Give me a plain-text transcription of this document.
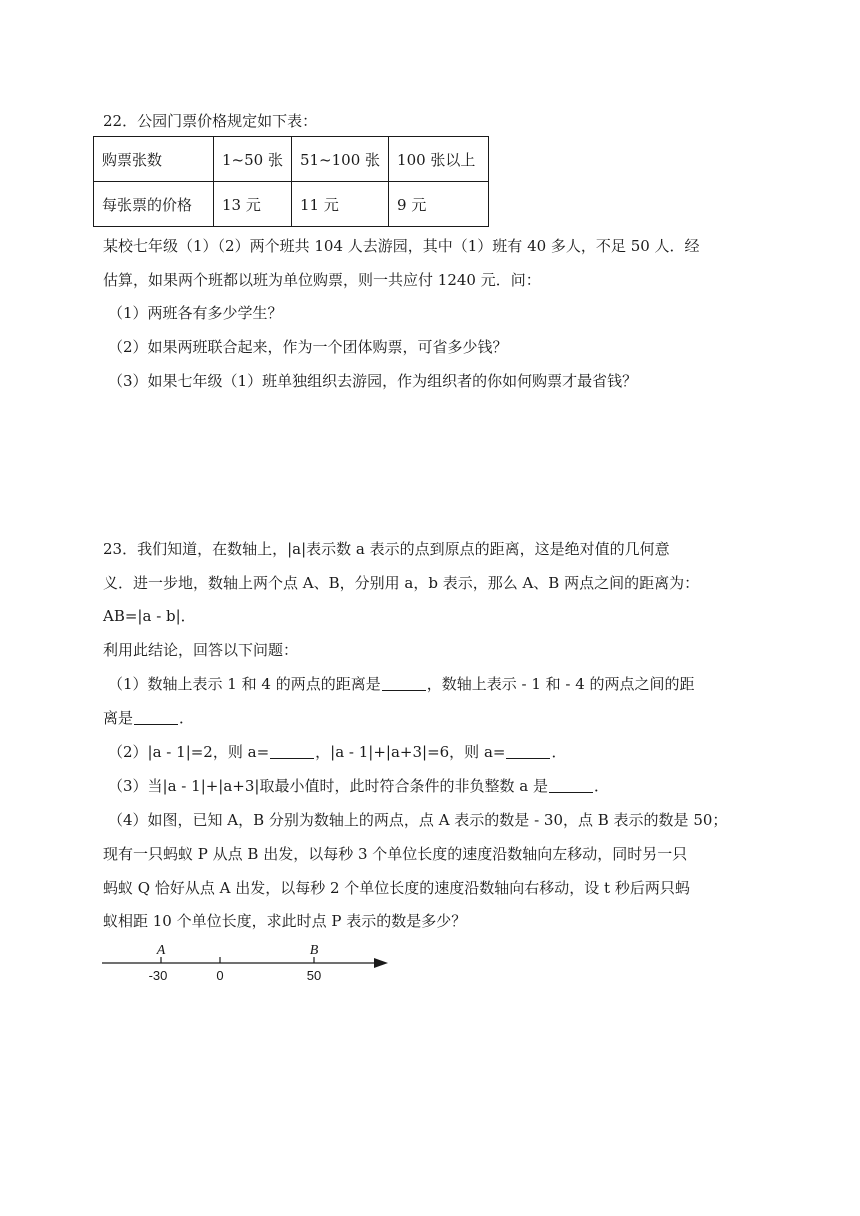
22．公园门票价格规定如下表：
购票张数	1~50 张	51~100 张	100 张以上
每张票的价格	13 元	11 元	9 元
某校七年级（1）（2）两个班共 104 人去游园，其中（1）班有 40 多人，不足 50 人．经
估算，如果两个班都以班为单位购票，则一共应付 1240 元．问：
（1）两班各有多少学生？
（2）如果两班联合起来，作为一个团体购票，可省多少钱？
（3）如果七年级（1）班单独组织去游园，作为组织者的你如何购票才最省钱？
23．我们知道，在数轴上，|a|表示数 a 表示的点到原点的距离，这是绝对值的几何意
义．进一步地，数轴上两个点 A、B，分别用 a，b 表示，那么 A、B 两点之间的距离为：
AB=|a - b|．
利用此结论，回答以下问题：
（1）数轴上表示 1 和 4 的两点的距离是	，数轴上表示 - 1 和 - 4 的两点之间的距
离是	．
（2）|a - 1|=2，则 a=	，|a - 1|+|a+3|=6，则 a=	．
（3）当|a - 1|+|a+3|取最小值时，此时符合条件的非负整数 a 是	．
（4）如图，已知 A，B 分别为数轴上的两点，点 A 表示的数是 - 30，点 B 表示的数是 50；
现有一只蚂蚁 P 从点 B 出发，以每秒 3 个单位长度的速度沿数轴向左移动，同时另一只
蚂蚁 Q 恰好从点 A 出发，以每秒 2 个单位长度的速度沿数轴向右移动，设 t 秒后两只蚂
蚁相距 10 个单位长度，求此时点 P 表示的数是多少？
A	B
-30	0	50
